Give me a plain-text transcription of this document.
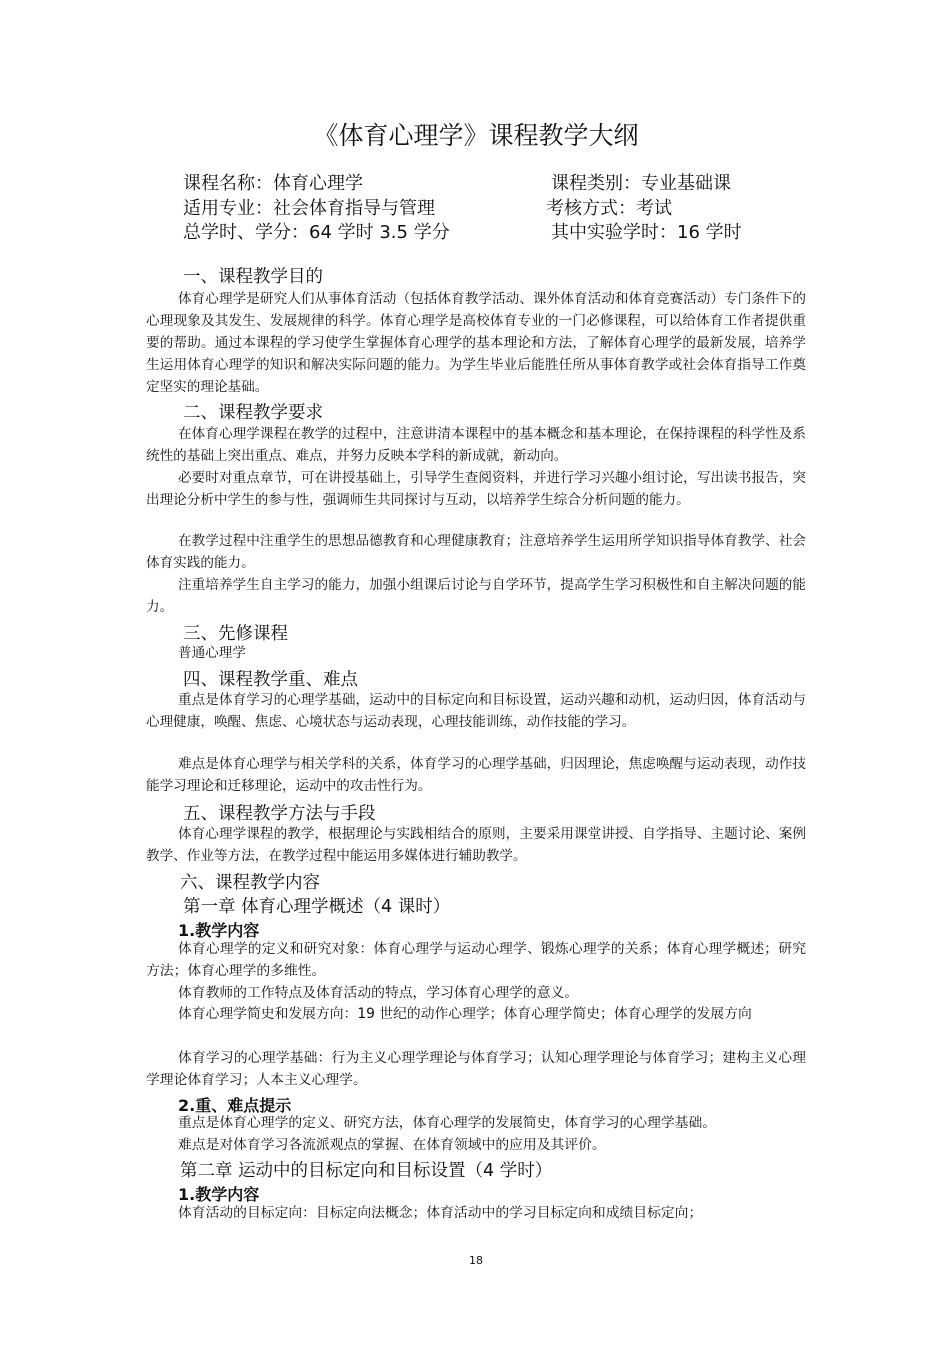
《体育心理学》课程教学大纲
课程名称：体育心理学	课程类别：专业基础课
适用专业：社会体育指导与管理	考核方式：考试
总学时、学分：64 学时 3.5 学分	其中实验学时：16 学时
一、课程教学目的

体育心理学是研究人们从事体育活动（包括体育教学活动、课外体育活动和体育竞赛活动）专门条件下的心理现象及其发生、发展规律的科学。体育心理学是高校体育专业的一门必修课程，可以给体育工作者提供重要的帮助。通过本课程的学习使学生掌握体育心理学的基本理论和方法，了解体育心理学的最新发展，培养学生运用体育心理学的知识和解决实际问题的能力。为学生毕业后能胜任所从事体育教学或社会体育指导工作奠定坚实的理论基础。

二、课程教学要求

在体育心理学课程在教学的过程中，注意讲清本课程中的基本概念和基本理论，在保持课程的科学性及系统性的基础上突出重点、难点，并努力反映本学科的新成就，新动向。

必要时对重点章节，可在讲授基础上，引导学生查阅资料，并进行学习兴趣小组讨论，写出读书报告，突出理论分析中学生的参与性，强调师生共同探讨与互动，以培养学生综合分析问题的能力。

在教学过程中注重学生的思想品德教育和心理健康教育；注意培养学生运用所学知识指导体育教学、社会体育实践的能力。

注重培养学生自主学习的能力，加强小组课后讨论与自学环节，提高学生学习积极性和自主解决问题的能力。

三、先修课程

普通心理学

四、课程教学重、难点

重点是体育学习的心理学基础，运动中的目标定向和目标设置，运动兴趣和动机，运动归因，体育活动与心理健康，唤醒、焦虑、心境状态与运动表现，心理技能训练，动作技能的学习。

难点是体育心理学与相关学科的关系，体育学习的心理学基础，归因理论，焦虑唤醒与运动表现，动作技能学习理论和迁移理论，运动中的攻击性行为。

五、课程教学方法与手段

体育心理学课程的教学，根据理论与实践相结合的原则，主要采用课堂讲授、自学指导、主题讨论、案例教学、作业等方法，在教学过程中能运用多媒体进行辅助教学。

六、课程教学内容
第一章 体育心理学概述（4 课时）
1.教学内容

体育心理学的定义和研究对象：体育心理学与运动心理学、锻炼心理学的关系；体育心理学概述；研究方法；体育心理学的多维性。

体育教师的工作特点及体育活动的特点，学习体育心理学的意义。

体育心理学简史和发展方向：19 世纪的动作心理学；体育心理学简史；体育心理学的发展方向

体育学习的心理学基础：行为主义心理学理论与体育学习；认知心理学理论与体育学习；建构主义心理学理论体育学习；人本主义心理学。

2.重、难点提示

重点是体育心理学的定义、研究方法，体育心理学的发展简史，体育学习的心理学基础。

难点是对体育学习各流派观点的掌握、在体育领域中的应用及其评价。

第二章 运动中的目标定向和目标设置（4 学时）
1.教学内容

体育活动的目标定向：目标定向法概念；体育活动中的学习目标定向和成绩目标定向；

18
